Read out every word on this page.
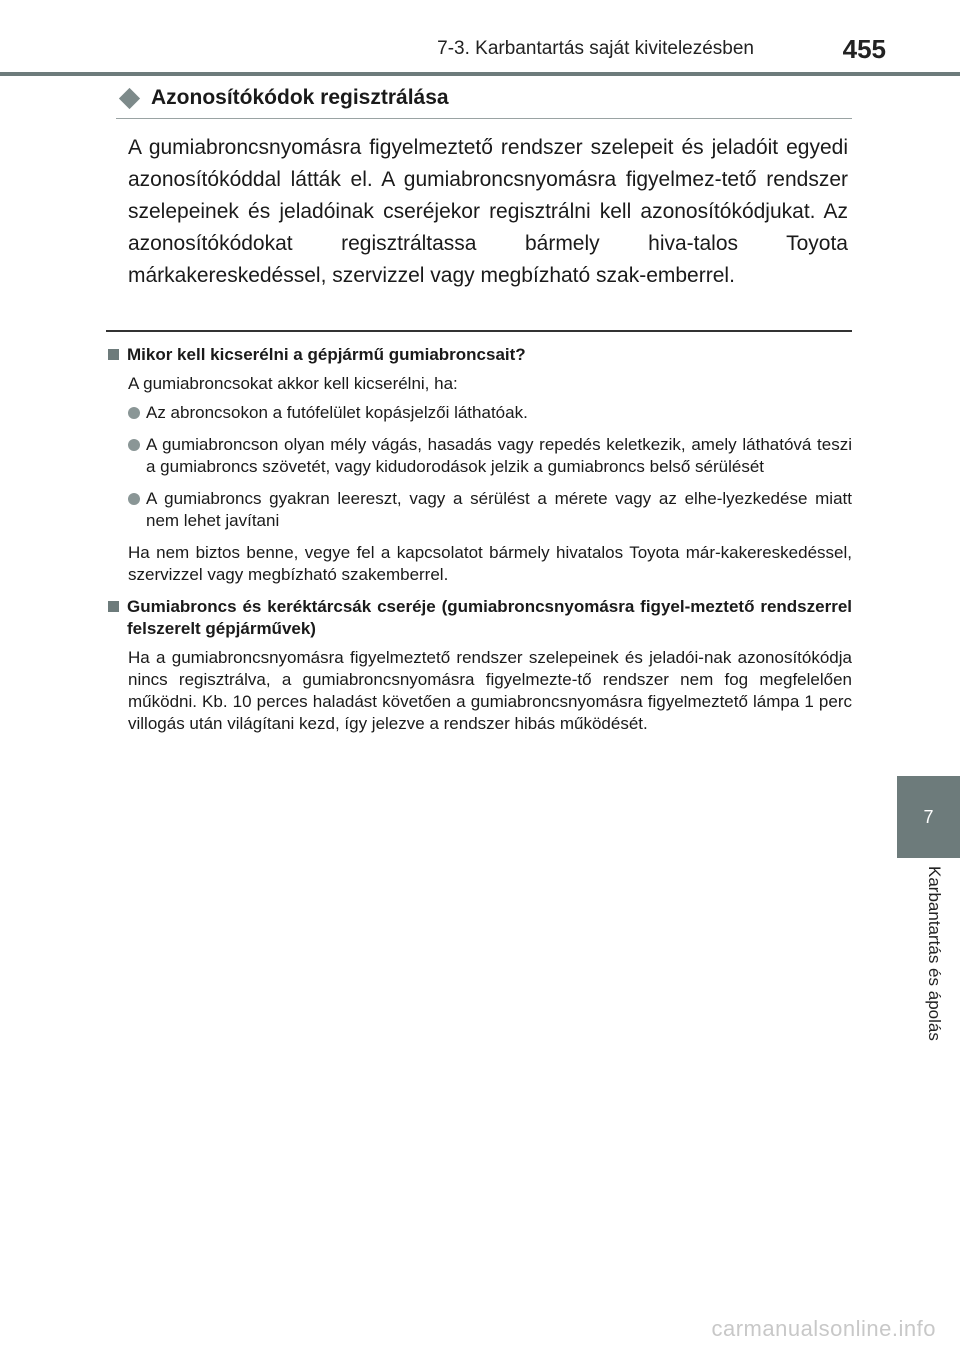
7-3. Karbantartás saját kivitelezésben	455
7
Karbantartás és ápolás
Azonosítókódok regisztrálása

A gumiabroncsnyomásra figyelmeztető rendszer szelepeit és jeladóit egyedi azonosítókóddal látták el. A gumiabroncsnyomásra figyelmez-tető rendszer szelepeinek és jeladóinak cseréjekor regisztrálni kell azonosítókódjukat. Az azonosítókódokat regisztráltassa bármely hiva-talos Toyota márkakereskedéssel, szervizzel vagy megbízható szak-emberrel.

Mikor kell kicserélni a gépjármű gumiabroncsait?

A gumiabroncsokat akkor kell kicserélni, ha:

Az abroncsokon a futófelület kopásjelzői láthatóak.
A gumiabroncson olyan mély vágás, hasadás vagy repedés keletkezik, amely láthatóvá teszi a gumiabroncs szövetét, vagy kidudorodások jelzik a gumiabroncs belső sérülését
A gumiabroncs gyakran leereszt, vagy a sérülést a mérete vagy az elhe-lyezkedése miatt nem lehet javítani

Ha nem biztos benne, vegye fel a kapcsolatot bármely hivatalos Toyota már-kakereskedéssel, szervizzel vagy megbízható szakemberrel.

Gumiabroncs és keréktárcsák cseréje (gumiabroncsnyomásra figyel-meztető rendszerrel felszerelt gépjárművek)

Ha a gumiabroncsnyomásra figyelmeztető rendszer szelepeinek és jeladói-nak azonosítókódja nincs regisztrálva, a gumiabroncsnyomásra figyelmezte-tő rendszer nem fog megfelelően működni. Kb. 10 perces haladást követően a gumiabroncsnyomásra figyelmeztető lámpa 1 perc villogás után világítani kezd, így jelezve a rendszer hibás működését.

carmanualsonline.info
